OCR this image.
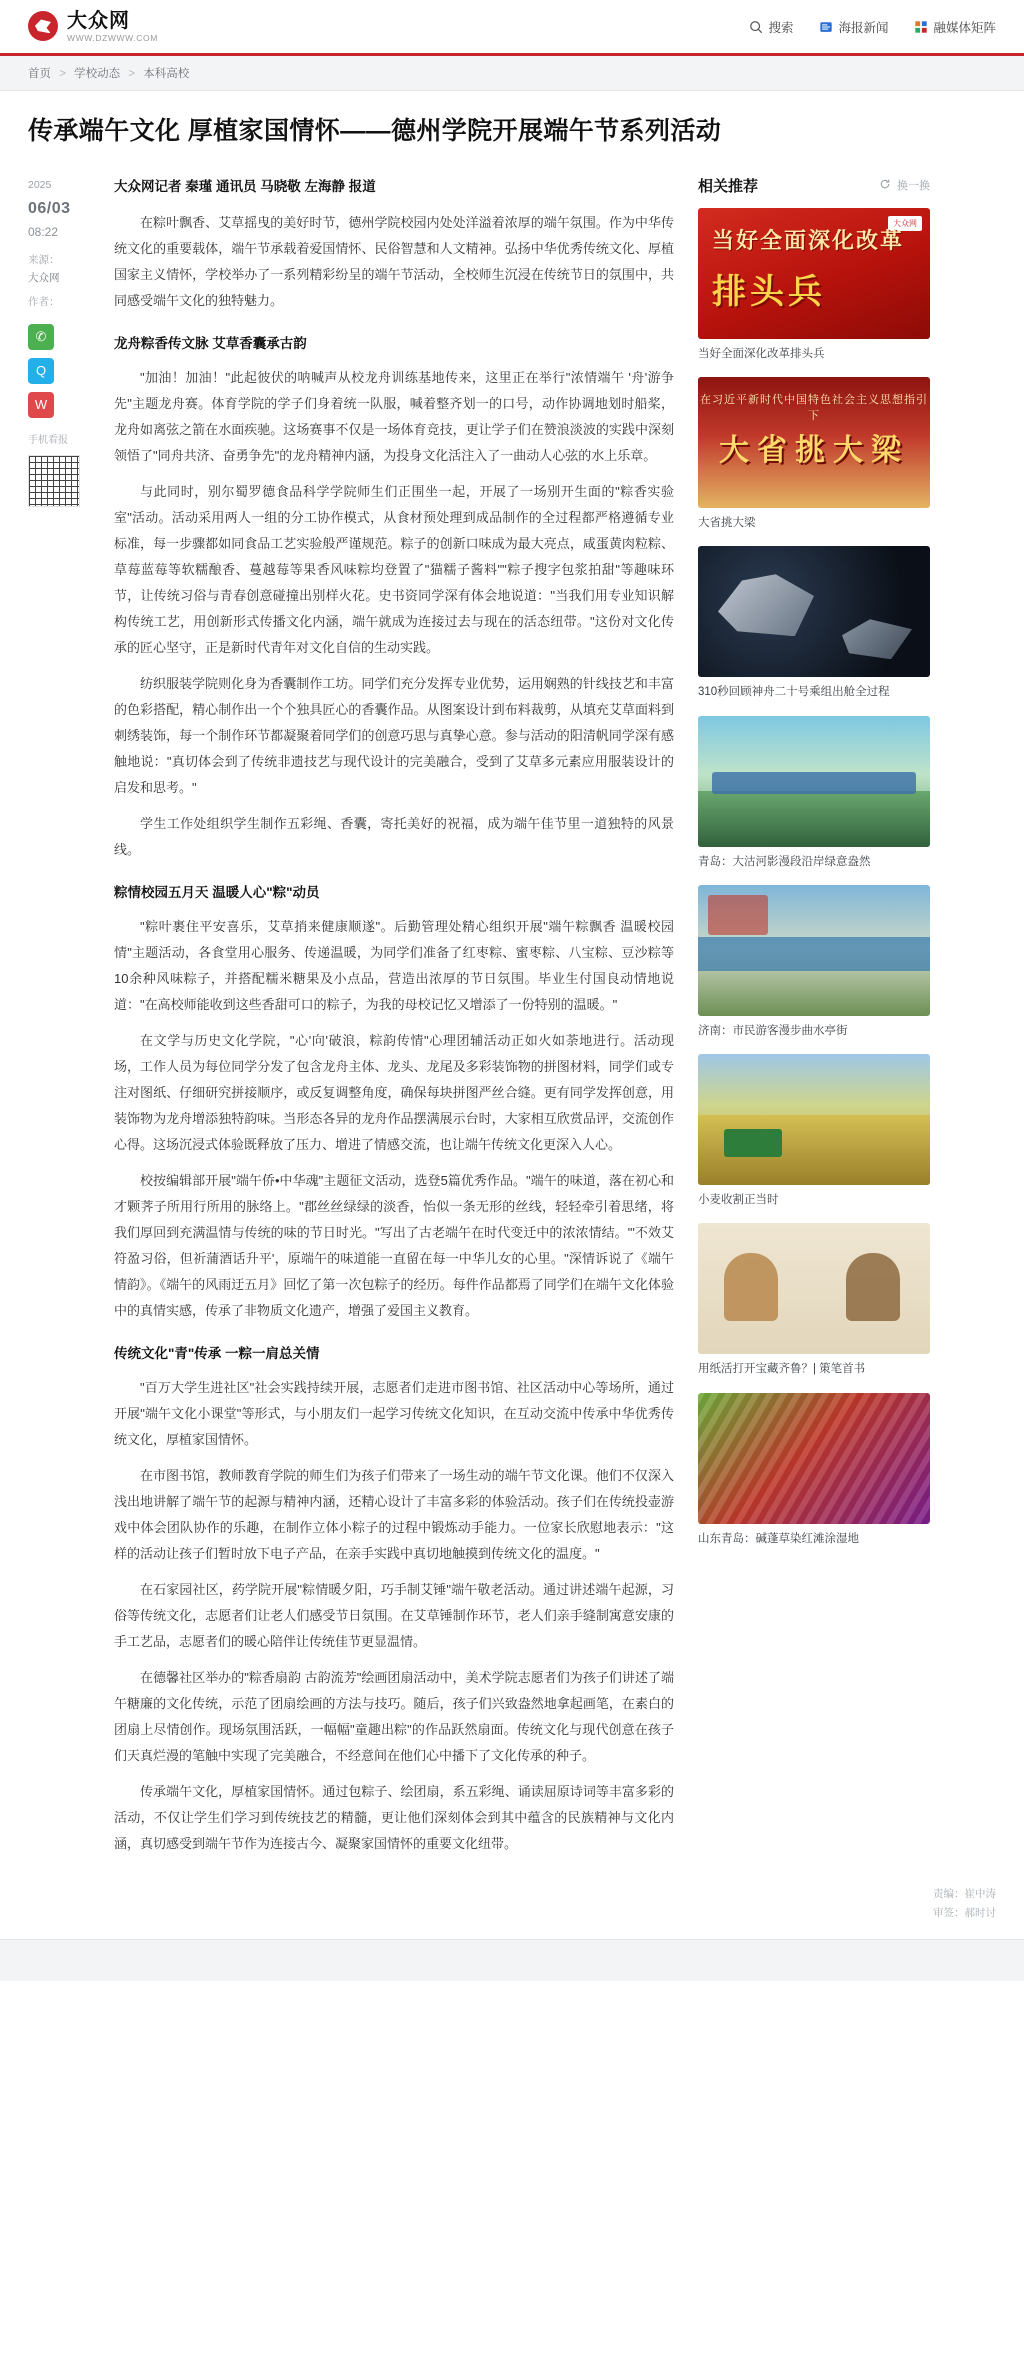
大众网
WWW.DZWWW.COM
搜索	海报新闻	融媒体矩阵
首页 > 学校动态 > 本科高校
传承端午文化 厚植家国情怀——德州学院开展端午节系列活动
2025
06/03
08:22
来源：
大众网
作者：
✆
Q
W
手机看报
大众网记者 秦瑾 通讯员 马晓敬 左海静 报道

在粽叶飘香、艾草摇曳的美好时节，德州学院校园内处处洋溢着浓厚的端午氛围。作为中华传统文化的重要载体，端午节承载着爱国情怀、民俗智慧和人文精神。弘扬中华优秀传统文化、厚植国家主义情怀，学校举办了一系列精彩纷呈的端午节活动，全校师生沉浸在传统节日的氛围中，共同感受端午文化的独特魅力。

龙舟粽香传文脉 艾草香囊承古韵

"加油！加油！"此起彼伏的呐喊声从校龙舟训练基地传来，这里正在举行"浓情端午 '舟'游争先"主题龙舟赛。体育学院的学子们身着统一队服，喊着整齐划一的口号，动作协调地划时船桨，龙舟如离弦之箭在水面疾驰。这场赛事不仅是一场体育竞技，更让学子们在赞浪淡波的实践中深刻领悟了"同舟共济、奋勇争先"的龙舟精神内涵，为投身文化活注入了一曲动人心弦的水上乐章。

与此同时，别尔蜀罗德食品科学学院师生们正围坐一起，开展了一场别开生面的"粽香实验室"活动。活动采用两人一组的分工协作模式，从食材预处理到成品制作的全过程都严格遵循专业标准，每一步骤都如同食品工艺实验般严谨规范。粽子的创新口味成为最大亮点，咸蛋黄肉粒粽、草莓蓝莓等软糯酿香、蔓越莓等果香风味粽均登置了"猫糯子酱料""粽子搜字包浆拍甜"等趣味环节，让传统习俗与青春创意碰撞出别样火花。史书资同学深有体会地说道："当我们用专业知识解构传统工艺，用创新形式传播文化内涵，端午就成为连接过去与现在的活态纽带。"这份对文化传承的匠心坚守，正是新时代青年对文化自信的生动实践。

纺织服装学院则化身为香囊制作工坊。同学们充分发挥专业优势，运用娴熟的针线技艺和丰富的色彩搭配，精心制作出一个个独具匠心的香囊作品。从图案设计到布料裁剪，从填充艾草面料到刺绣装饰，每一个制作环节都凝聚着同学们的创意巧思与真挚心意。参与活动的阳清帆同学深有感触地说："真切体会到了传统非遗技艺与现代设计的完美融合，受到了艾草多元素应用服装设计的启发和思考。"

学生工作处组织学生制作五彩绳、香囊，寄托美好的祝福，成为端午佳节里一道独特的风景线。

粽情校园五月天 温暖人心"粽"动员

"粽叶裹住平安喜乐，艾草捎来健康顺遂"。后勤管理处精心组织开展"端午粽飘香 温暖校园情"主题活动，各食堂用心服务、传递温暖，为同学们准备了红枣粽、蜜枣粽、八宝粽、豆沙粽等10余种风味粽子，并搭配糯米糖果及小点品，营造出浓厚的节日氛围。毕业生付国良动情地说道："在高校师能收到这些香甜可口的粽子，为我的母校记忆又增添了一份特别的温暖。"

在文学与历史文化学院，"心'向'破浪，粽韵传情"心理团辅活动正如火如荼地进行。活动现场，工作人员为每位同学分发了包含龙舟主体、龙头、龙尾及多彩装饰物的拼图材料，同学们或专注对图纸、仔细研究拼接顺序，或反复调整角度，确保每块拼图严丝合缝。更有同学发挥创意，用装饰物为龙舟增添独特韵味。当形态各异的龙舟作品摆满展示台时，大家相互欣赏品评，交流创作心得。这场沉浸式体验既释放了压力、增进了情感交流，也让端午传统文化更深入人心。

校按编辑部开展"端午侨•中华魂"主题征文活动，选登5篇优秀作品。"端午的味道，落在初心和才颗荠子所用行所用的脉络上。"郡丝丝绿绿的淡香，怡似一条无形的丝线，轻轻牵引着思绪，将我们厚回到充满温情与传统的味的节日时光。"写出了古老端午在时代变迁中的浓浓情结。"'不效艾符盈习俗，但祈蒲酒话升平'，原端午的味道能一直留在每一中华儿女的心里。"深情诉说了《端午情韵》。《端午的风雨迂五月》回忆了第一次包粽子的经历。每件作品都焉了同学们在端午文化体验中的真情实感，传承了非物质文化遗产，增强了爱国主义教育。

传统文化"青"传承 一粽一肩总关情

"百万大学生进社区"社会实践持续开展，志愿者们走进市图书馆、社区活动中心等场所，通过开展"端午文化小课堂"等形式，与小朋友们一起学习传统文化知识，在互动交流中传承中华优秀传统文化，厚植家国情怀。

在市图书馆，教师教育学院的师生们为孩子们带来了一场生动的端午节文化课。他们不仅深入浅出地讲解了端午节的起源与精神内涵，还精心设计了丰富多彩的体验活动。孩子们在传统投壶游戏中体会团队协作的乐趣，在制作立体小粽子的过程中锻炼动手能力。一位家长欣慰地表示："这样的活动让孩子们暂时放下电子产品，在亲手实践中真切地触摸到传统文化的温度。"

在石家园社区，药学院开展"粽情暖夕阳，巧手制艾锤"端午敬老活动。通过讲述端午起源，习俗等传统文化，志愿者们让老人们感受节日氛围。在艾草锤制作环节，老人们亲手缝制寓意安康的手工艺品，志愿者们的暖心陪伴让传统佳节更显温情。

在德馨社区举办的"粽香扇韵 古韵流芳"绘画团扇活动中，美术学院志愿者们为孩子们讲述了端午糖廉的文化传统，示范了团扇绘画的方法与技巧。随后，孩子们兴致盎然地拿起画笔，在素白的团扇上尽情创作。现场氛围活跃，一幅幅"童趣出粽"的作品跃然扇面。传统文化与现代创意在孩子们天真烂漫的笔触中实现了完美融合，不经意间在他们心中播下了文化传承的种子。

传承端午文化，厚植家国情怀。通过包粽子、绘团扇，系五彩绳、诵读屈原诗词等丰富多彩的活动，不仅让学生们学习到传统技艺的精髓，更让他们深刻体会到其中蕴含的民族精神与文化内涵，真切感受到端午节作为连接古今、凝聚家国情怀的重要文化纽带。

相关推荐	换一换
大众网
当好全面深化改革
排头兵
当好全面深化改革排头兵
在习近平新时代中国特色社会主义思想指引下
大省挑大梁
大省挑大梁
310秒回顾神舟二十号乘组出舱全过程
青岛：大沽河影漫段沿岸绿意盎然
济南：市民游客漫步曲水亭街
小麦收割正当时
用纸活打开宝藏齐鲁？| 策笔首书
山东青岛：碱蓬草染红滩涂湿地
责编：崔中涛
审签：郝时讨
